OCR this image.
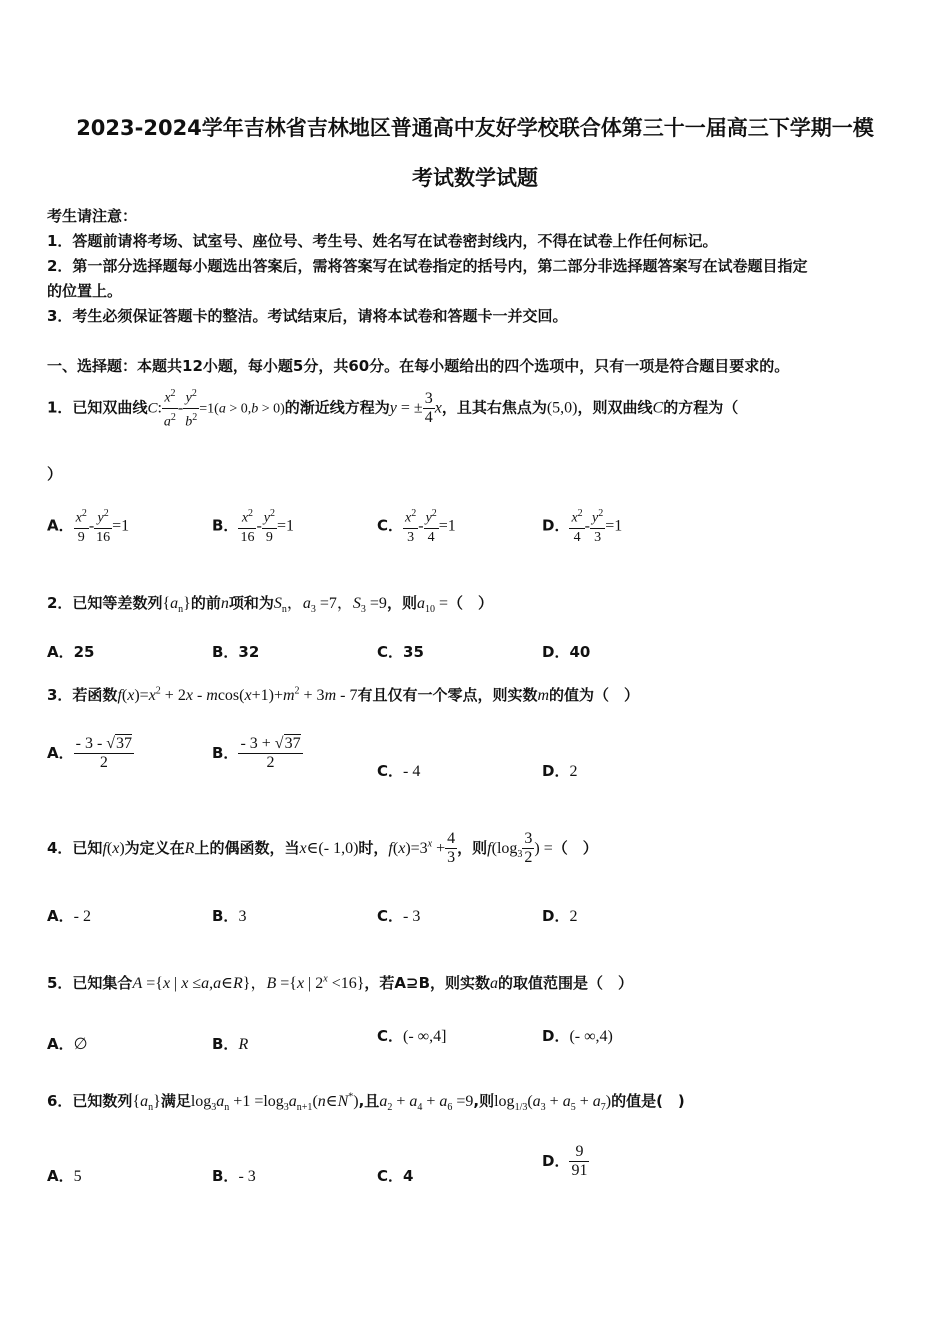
2023-2024学年吉林省吉林地区普通高中友好学校联合体第三十一届高三下学期一模
考试数学试题
考生请注意：
1．答题前请将考场、试室号、座位号、考生号、姓名写在试卷密封线内，不得在试卷上作任何标记。
2．第一部分选择题每小题选出答案后，需将答案写在试卷指定的括号内，第二部分非选择题答案写在试卷题目指定
的位置上。
3．考生必须保证答题卡的整洁。考试结束后，请将本试卷和答题卡一并交回。
一、选择题：本题共12小题，每小题5分，共60分。在每小题给出的四个选项中，只有一项是符合题目要求的。
1．已知双曲线C: $\frac{x^2}{a^2} - \frac{y^2}{b^2} =1(a > 0,b > 0)$的渐近线方程为y = ± $\frac{3}{4}$ x，且其右焦点为(5,0)，则双曲线C的方程为（
）
A． $\frac{x^2}{9} - \frac{y^2}{16} =1$	B． $\frac{x^2}{16} - \frac{y^2}{9} =1$	C． $\frac{x^2}{3} - \frac{y^2}{4} =1$	D． $\frac{x^2}{4} - \frac{y^2}{3} =1$
2．已知等差数列$\{a_n\}$的前n项和为$S_n$，$a_3 =7$，$S_3 =9$，则$a_{10}$ =（　）
A．25	B．32	C．35	D．40
3．若函数$f(x)=x^2 + 2x - mcos(x+1)+m^2 + 3m - 7$有且仅有一个零点，则实数m的值为（　）
A． $\frac{- 3 - √37}{2}$	B． $\frac{- 3 + √37}{2}$	C．- 4	D．2
4．已知f(x)为定义在R上的偶函数，当x∈(- 1,0)时，$f(x)=3^x + \frac{4}{3}$ ，则$f(\log_3 \frac{3}{2}$ ) =（　）
A．- 2	B．3	C．- 3	D．2
5．已知集合A ={x | x ≤a,a∈R}，B ={x | $2^x <16$}，若A⊇B，则实数a的取值范围是（　）
A．∅	B．R	C．(- ∞,4]	D．(- ∞,4)
6．已知数列$\{a_n\}$满足$\log_3a_n +1$ $=\log_3a_{n+1}(n\in N^*)$,且$a_2 + a_4 + a_6 =9$,则$\log_{1/3}(a_3 + a_5 + a_7)$的值是(　)
A．5	B．- 3	C．4
D． $\frac{9}{91}$
